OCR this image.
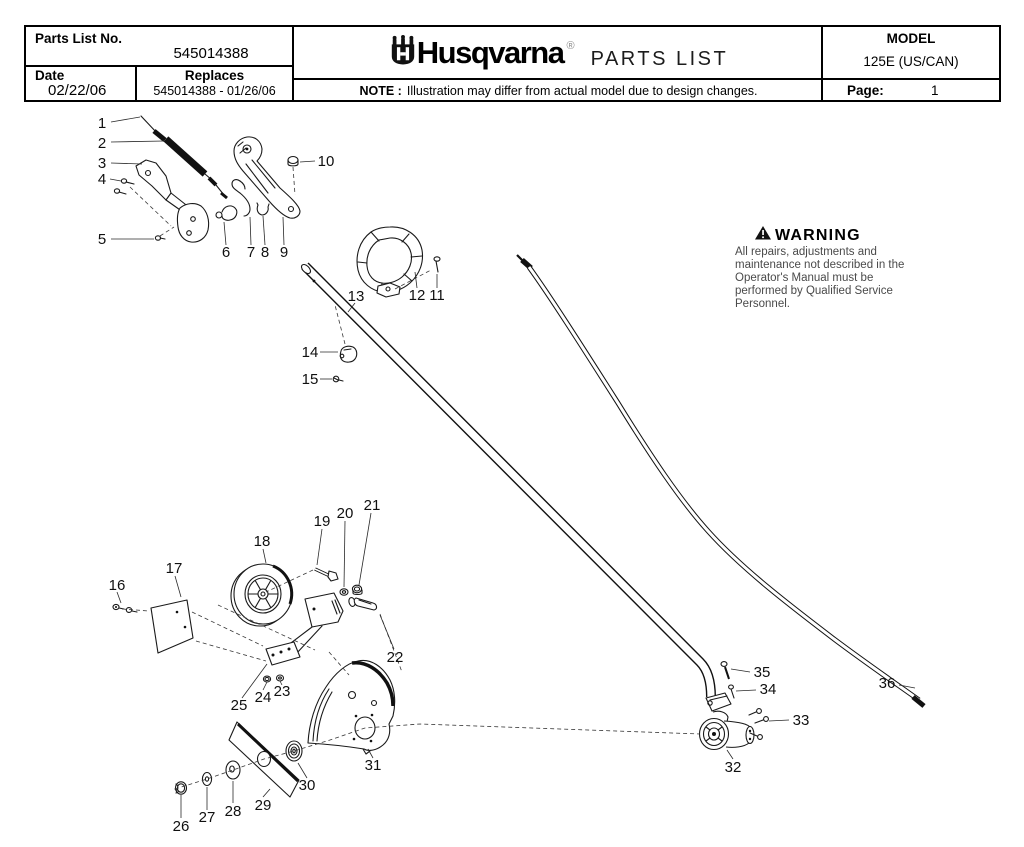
Parts List No.
545014388
Date
02/22/06
Replaces
545014388 - 01/26/06
Husqvarna ®
PARTS LIST
NOTE : Illustration may differ from actual model due to design changes.
MODEL
125E (US/CAN)
Page:	1
WARNING
All repairs, adjustments and maintenance not described in the Operator's Manual must be performed by Qualified Service Personnel.
1
2
3
4
5
6 7 8 9
10
11
12
13
14
15
16
17
18
19 20 21
22
23
24
25
26
27 28 29
30
31	32
33
34
35
36
